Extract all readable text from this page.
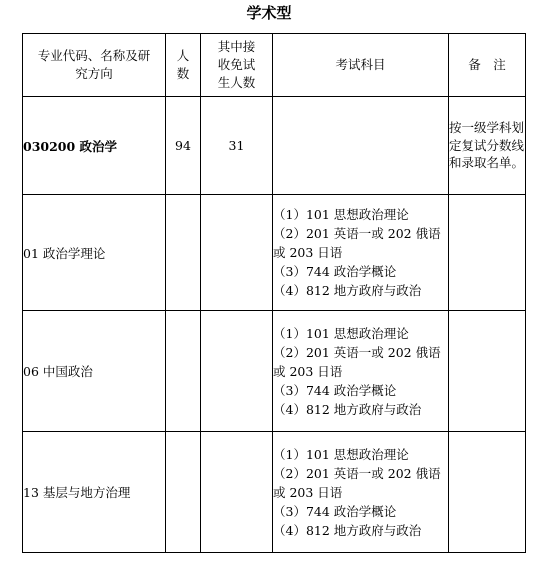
学术型
专业代码、名称及研究方向	人数	其中接收免试生人数	考试科目	备　注
030200 政治学	94	31		按一级学科划定复试分数线和录取名单。

01 政治学理论			（1）101 思想政治理论
（2）201 英语一或 202 俄语或 203 日语
（3）744 政治学概论
（4）812 地方政府与政治	

06 中国政治			（1）101 思想政治理论
（2）201 英语一或 202 俄语或 203 日语
（3）744 政治学概论
（4）812 地方政府与政治	

13 基层与地方治理			（1）101 思想政治理论
（2）201 英语一或 202 俄语或 203 日语
（3）744 政治学概论
（4）812 地方政府与政治	
